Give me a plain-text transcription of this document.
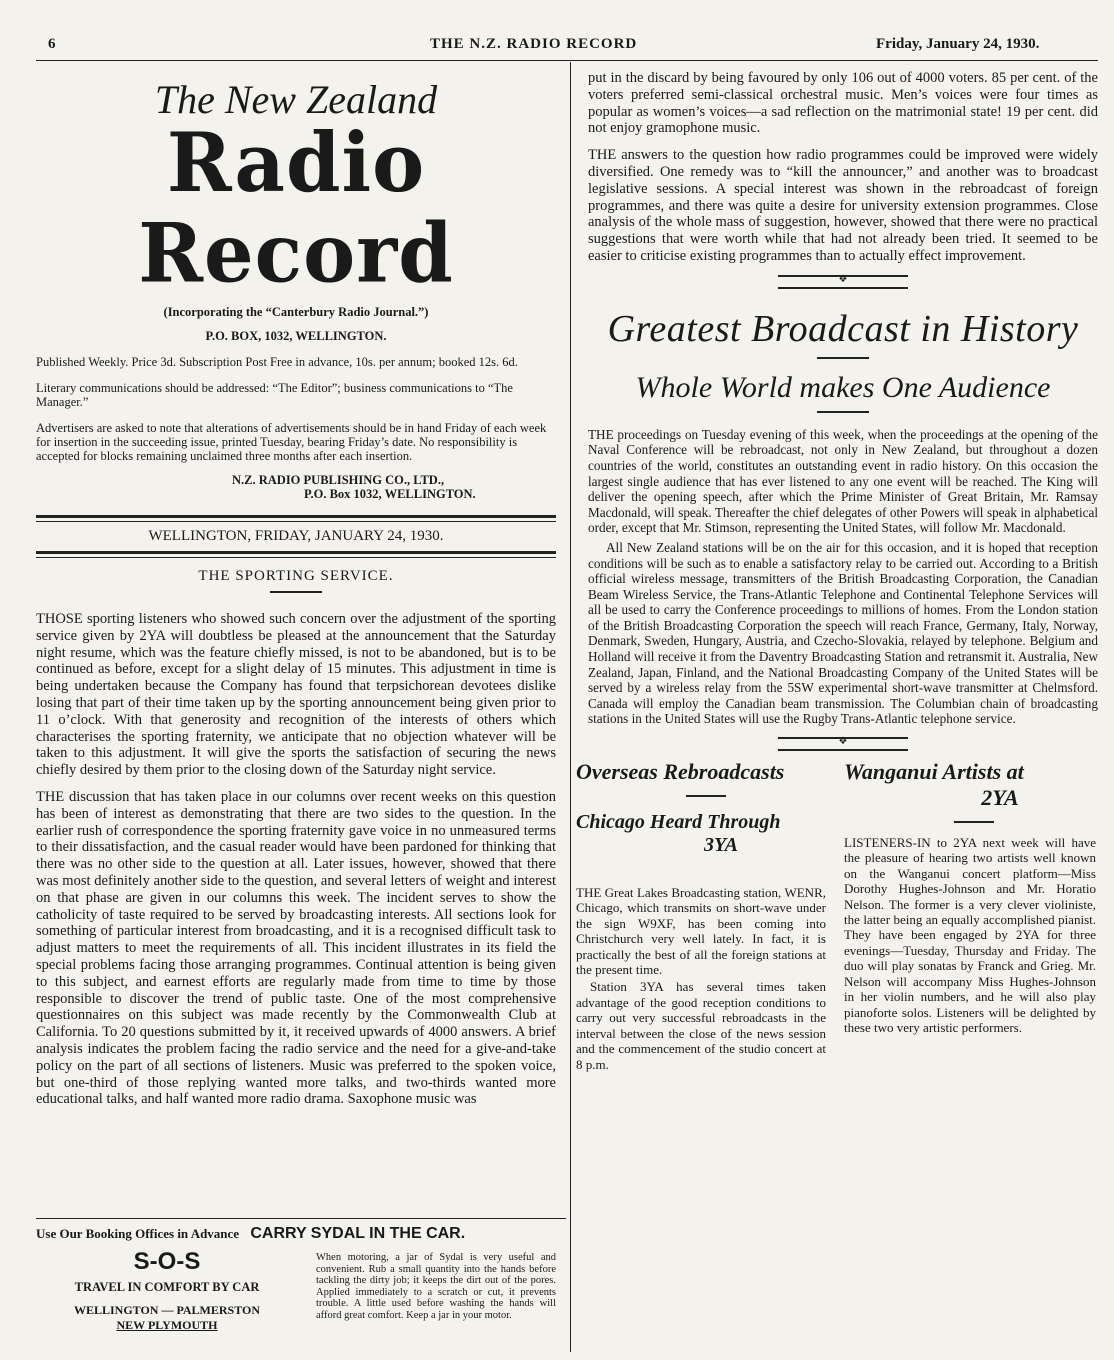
6	THE N.Z. RADIO RECORD	Friday, January 24, 1930.
The New Zealand
Radio Record
(Incorporating the “Canterbury Radio Journal.”)
P.O. BOX, 1032, WELLINGTON.
Published Weekly. Price 3d. Subscription Post Free in advance, 10s. per annum; booked 12s. 6d.
Literary communications should be addressed: “The Editor”; business communications to “The Manager.”
Advertisers are asked to note that alterations of advertisements should be in hand Friday of each week for insertion in the succeeding issue, printed Tuesday, bearing Friday’s date. No responsibility is accepted for blocks remaining unclaimed three months after each insertion.
N.Z. RADIO PUBLISHING CO., LTD.,
P.O. Box 1032, WELLINGTON.
WELLINGTON, FRIDAY, JANUARY 24, 1930.
THE SPORTING SERVICE.

THOSE sporting listeners who showed such concern over the adjustment of the sporting service given by 2YA will doubtless be pleased at the announcement that the Saturday night resume, which was the feature chiefly missed, is not to be abandoned, but is to be continued as before, except for a slight delay of 15 minutes. This adjustment in time is being undertaken because the Company has found that terpsichorean devotees dislike losing that part of their time taken up by the sporting announcement being given prior to 11 o’clock. With that generosity and recognition of the interests of others which characterises the sporting fraternity, we anticipate that no objection whatever will be taken to this adjustment. It will give the sports the satisfaction of securing the news chiefly desired by them prior to the closing down of the Saturday night service.

THE discussion that has taken place in our columns over recent weeks on this question has been of interest as demonstrating that there are two sides to the question. In the earlier rush of correspondence the sporting fraternity gave voice in no unmeasured terms to their dissatisfaction, and the casual reader would have been pardoned for thinking that there was no other side to the question at all. Later issues, however, showed that there was most definitely another side to the question, and several letters of weight and interest on that phase are given in our columns this week. The incident serves to show the catholicity of taste required to be served by broadcasting interests. All sections look for something of particular interest from broadcasting, and it is a recognised difficult task to adjust matters to meet the requirements of all. This incident illustrates in its field the special problems facing those arranging programmes. Continual attention is being given to this subject, and earnest efforts are regularly made from time to time by those responsible to discover the trend of public taste. One of the most comprehensive questionnaires on this subject was made recently by the Commonwealth Club at California. To 20 questions submitted by it, it received upwards of 4000 answers. A brief analysis indicates the problem facing the radio service and the need for a give-and-take policy on the part of all sections of listeners. Music was preferred to the spoken voice, but one-third of those replying wanted more talks, and two-thirds wanted more educational talks, and half wanted more radio drama. Saxophone music was

Use Our Booking Offices in Advance CARRY SYDAL IN THE CAR.
S-O-S
TRAVEL IN COMFORT BY CAR
WELLINGTON — PALMERSTON
NEW PLYMOUTH
When motoring, a jar of Sydal is very useful and convenient. Rub a small quantity into the hands before tackling the dirty job; it keeps the dirt out of the pores. Applied immediately to a scratch or cut, it prevents trouble. A little used before washing the hands will afford great comfort. Keep a jar in your motor.

put in the discard by being favoured by only 106 out of 4000 voters. 85 per cent. of the voters preferred semi-classical orchestral music. Men’s voices were four times as popular as women’s voices—a sad reflection on the matrimonial state! 19 per cent. did not enjoy gramophone music.

THE answers to the question how radio programmes could be improved were widely diversified. One remedy was to “kill the announcer,” and another was to broadcast legislative sessions. A special interest was shown in the rebroadcast of foreign programmes, and there was quite a desire for university extension programmes. Close analysis of the whole mass of suggestion, however, showed that there were no practical suggestions that were worth while that had not already been tried. It seemed to be easier to criticise existing programmes than to actually effect improvement.

❖
Greatest Broadcast in History
Whole World makes One Audience

THE proceedings on Tuesday evening of this week, when the proceedings at the opening of the Naval Conference will be rebroadcast, not only in New Zealand, but throughout a dozen countries of the world, constitutes an outstanding event in radio history. On this occasion the largest single audience that has ever listened to any one event will be reached. The King will deliver the opening speech, after which the Prime Minister of Great Britain, Mr. Ramsay Macdonald, will speak. Thereafter the chief delegates of other Powers will speak in alphabetical order, except that Mr. Stimson, representing the United States, will follow Mr. Macdonald.

All New Zealand stations will be on the air for this occasion, and it is hoped that reception conditions will be such as to enable a satisfactory relay to be carried out. According to a British official wireless message, transmitters of the British Broadcasting Corporation, the Canadian Beam Wireless Service, the Trans-Atlantic Telephone and Continental Telephone Services will all be used to carry the Conference proceedings to millions of homes. From the London station of the British Broadcasting Corporation the speech will reach France, Germany, Italy, Norway, Denmark, Sweden, Hungary, Austria, and Czecho-Slovakia, relayed by telephone. Belgium and Holland will receive it from the Daventry Broadcasting Station and retransmit it. Australia, New Zealand, Japan, Finland, and the National Broadcasting Company of the United States will be served by a wireless relay from the 5SW experimental short-wave transmitter at Chelmsford. Canada will employ the Canadian beam transmission. The Columbian chain of broadcasting stations in the United States will use the Rugby Trans-Atlantic telephone service.

❖
Overseas Rebroadcasts
Chicago Heard Through
3YA

THE Great Lakes Broadcasting station, WENR, Chicago, which transmits on short-wave under the sign W9XF, has been coming into Christchurch very well lately. In fact, it is practically the best of all the foreign stations at the present time.

Station 3YA has several times taken advantage of the good reception conditions to carry out very successful rebroadcasts in the interval between the close of the news session and the commencement of the studio concert at 8 p.m.

Wanganui Artists at
2YA
LISTENERS-IN to 2YA next week will have the pleasure of hearing two artists well known on the Wanganui concert platform—Miss Dorothy Hughes-Johnson and Mr. Horatio Nelson. The former is a very clever violiniste, the latter being an equally accomplished pianist. They have been engaged by 2YA for three evenings—Tuesday, Thursday and Friday. The duo will play sonatas by Franck and Grieg. Mr. Nelson will accompany Miss Hughes-Johnson in her violin numbers, and he will also play pianoforte solos. Listeners will be delighted by these two very artistic performers.
